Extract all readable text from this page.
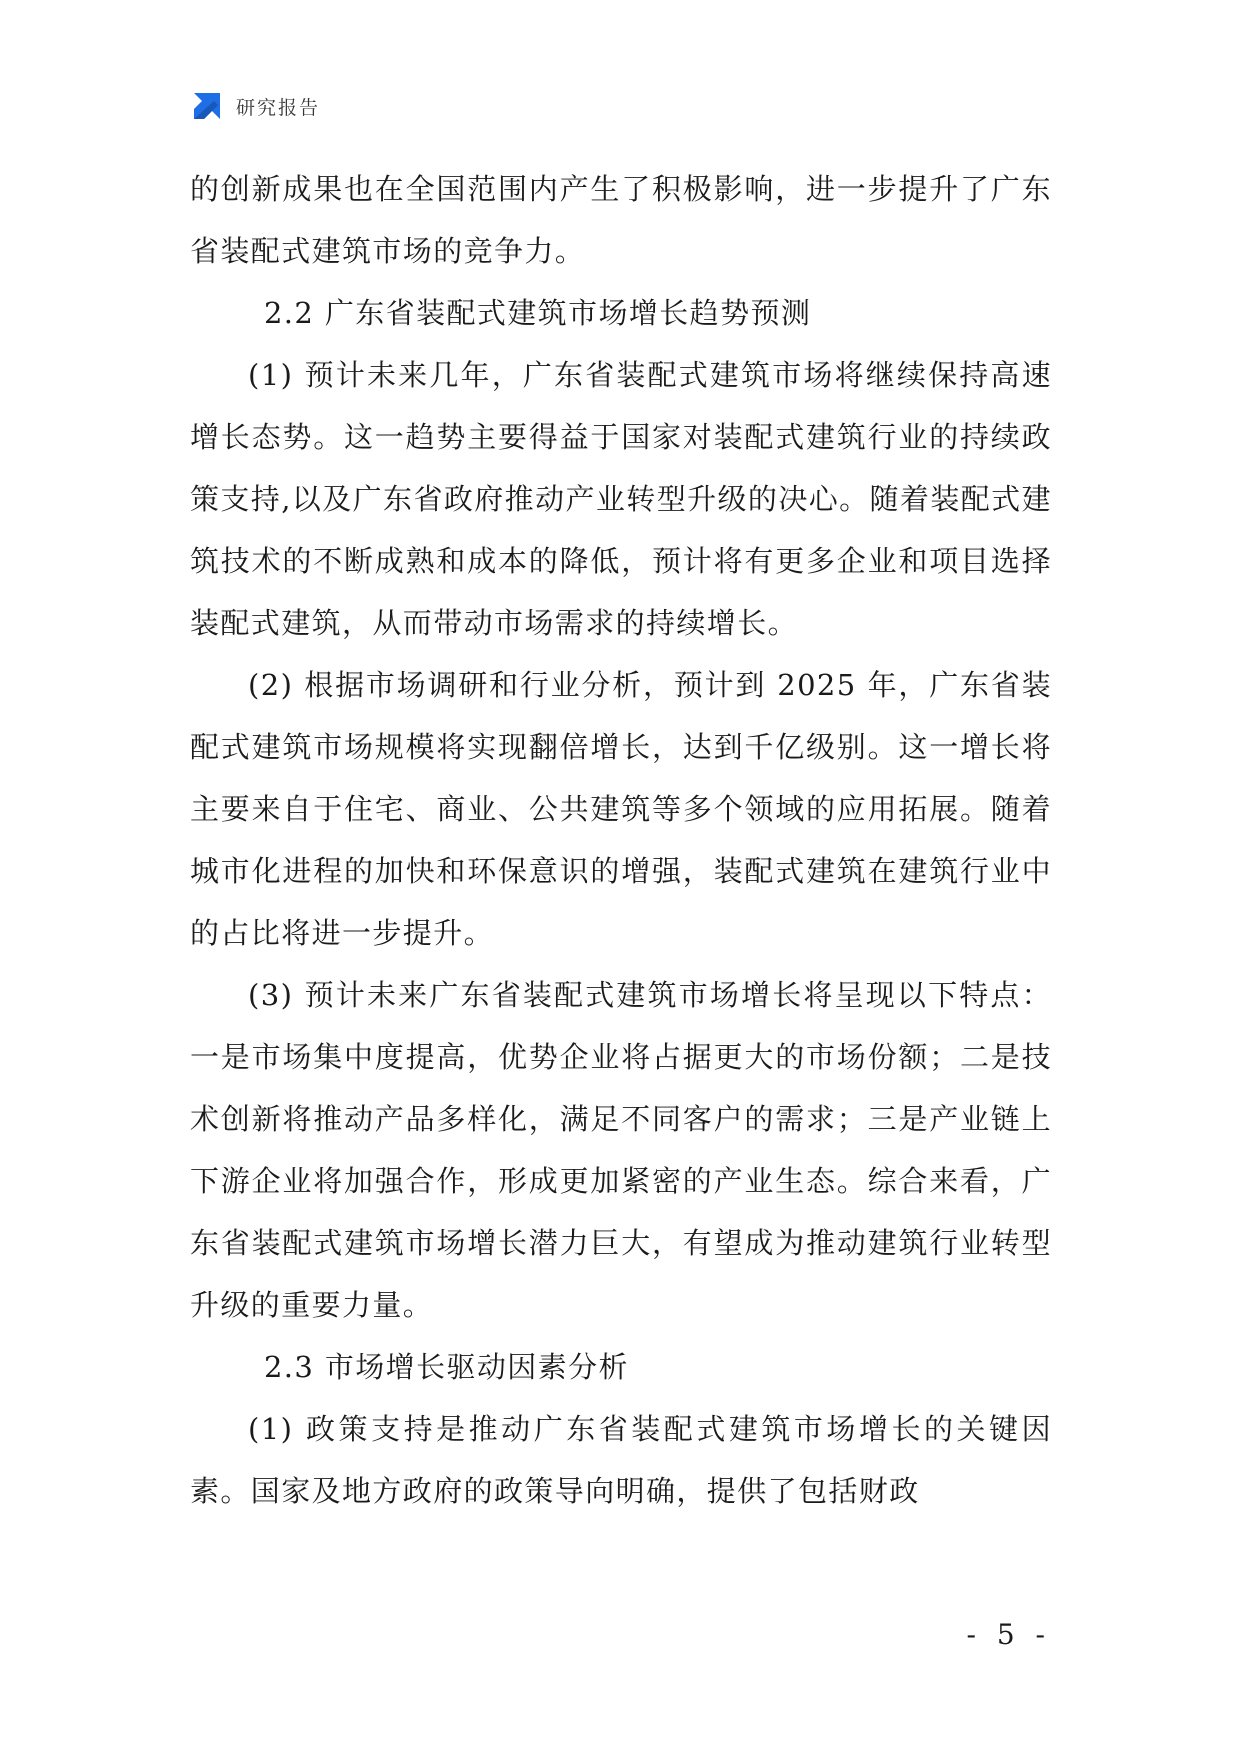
研究报告

的创新成果也在全国范围内产生了积极影响，进一步提升了广东省装配式建筑市场的竞争力。

2.2 广东省装配式建筑市场增长趋势预测

(1) 预计未来几年，广东省装配式建筑市场将继续保持高速增长态势。这一趋势主要得益于国家对装配式建筑行业的持续政策支持,以及广东省政府推动产业转型升级的决心。随着装配式建筑技术的不断成熟和成本的降低，预计将有更多企业和项目选择装配式建筑，从而带动市场需求的持续增长。

(2) 根据市场调研和行业分析，预计到 2025 年，广东省装配式建筑市场规模将实现翻倍增长，达到千亿级别。这一增长将主要来自于住宅、商业、公共建筑等多个领域的应用拓展。随着城市化进程的加快和环保意识的增强，装配式建筑在建筑行业中的占比将进一步提升。

(3) 预计未来广东省装配式建筑市场增长将呈现以下特点：一是市场集中度提高，优势企业将占据更大的市场份额；二是技术创新将推动产品多样化，满足不同客户的需求；三是产业链上下游企业将加强合作，形成更加紧密的产业生态。综合来看，广东省装配式建筑市场增长潜力巨大，有望成为推动建筑行业转型升级的重要力量。

2.3 市场增长驱动因素分析

(1) 政策支持是推动广东省装配式建筑市场增长的关键因素。国家及地方政府的政策导向明确，提供了包括财政

- 5 -
